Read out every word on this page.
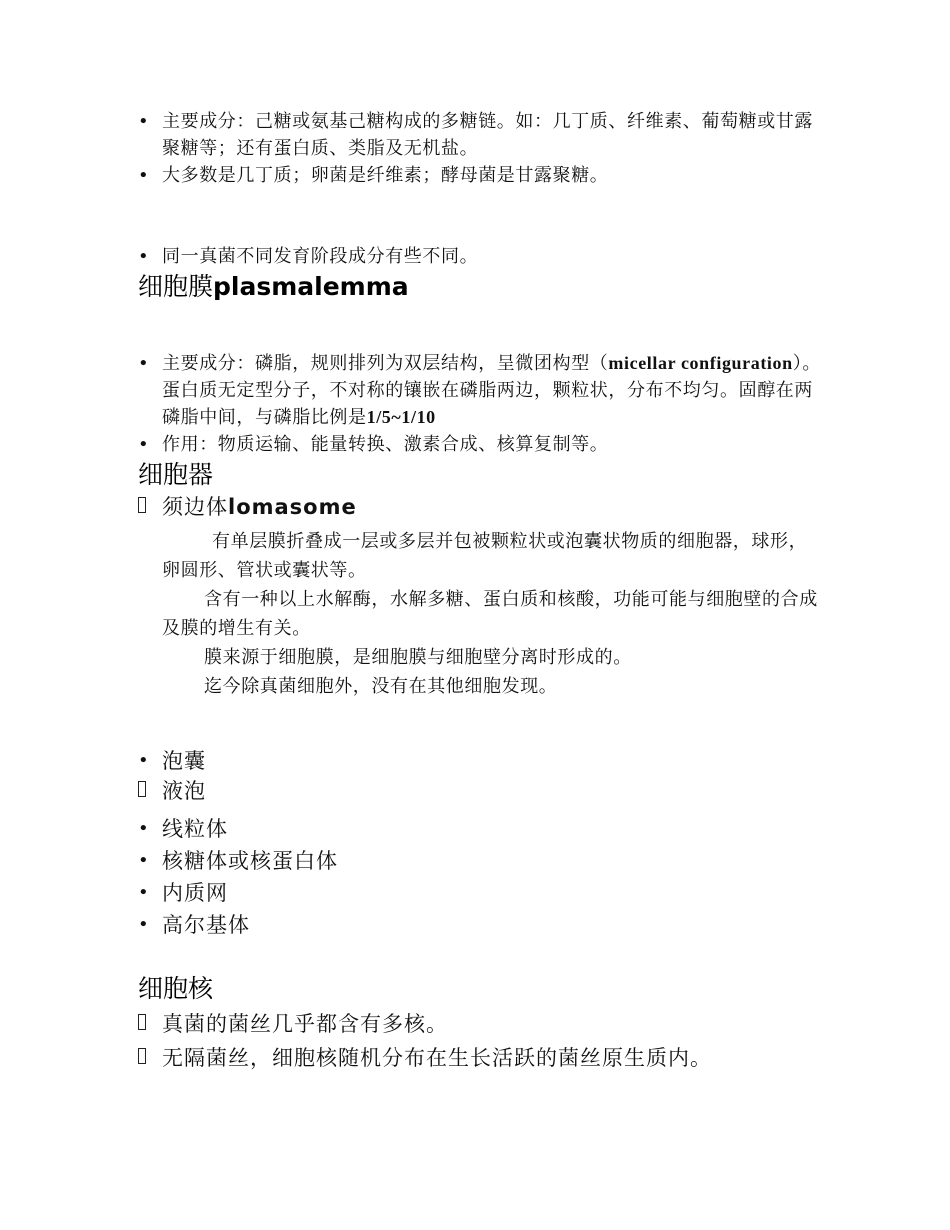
• 主要成分：己糖或氨基己糖构成的多糖链。如：几丁质、纤维素、葡萄糖或甘露聚糖等；还有蛋白质、类脂及无机盐。
• 大多数是几丁质；卵菌是纤维素；酵母菌是甘露聚糖。
• 同一真菌不同发育阶段成分有些不同。
细胞膜plasmalemma
• 主要成分：磷脂，规则排列为双层结构，呈微团构型（micellar configuration）。蛋白质无定型分子，不对称的镶嵌在磷脂两边，颗粒状，分布不均匀。固醇在两磷脂中间，与磷脂比例是1/5~1/10
• 作用：物质运输、能量转换、激素合成、核算复制等。
细胞器
须边体lomasome
有单层膜折叠成一层或多层并包被颗粒状或泡囊状物质的细胞器，球形，卵圆形、管状或囊状等。
含有一种以上水解酶，水解多糖、蛋白质和核酸，功能可能与细胞壁的合成及膜的增生有关。
膜来源于细胞膜，是细胞膜与细胞壁分离时形成的。
迄今除真菌细胞外，没有在其他细胞发现。
• 泡囊
液泡
• 线粒体
• 核糖体或核蛋白体
• 内质网
• 高尔基体
细胞核
真菌的菌丝几乎都含有多核。
无隔菌丝，细胞核随机分布在生长活跃的菌丝原生质内。
